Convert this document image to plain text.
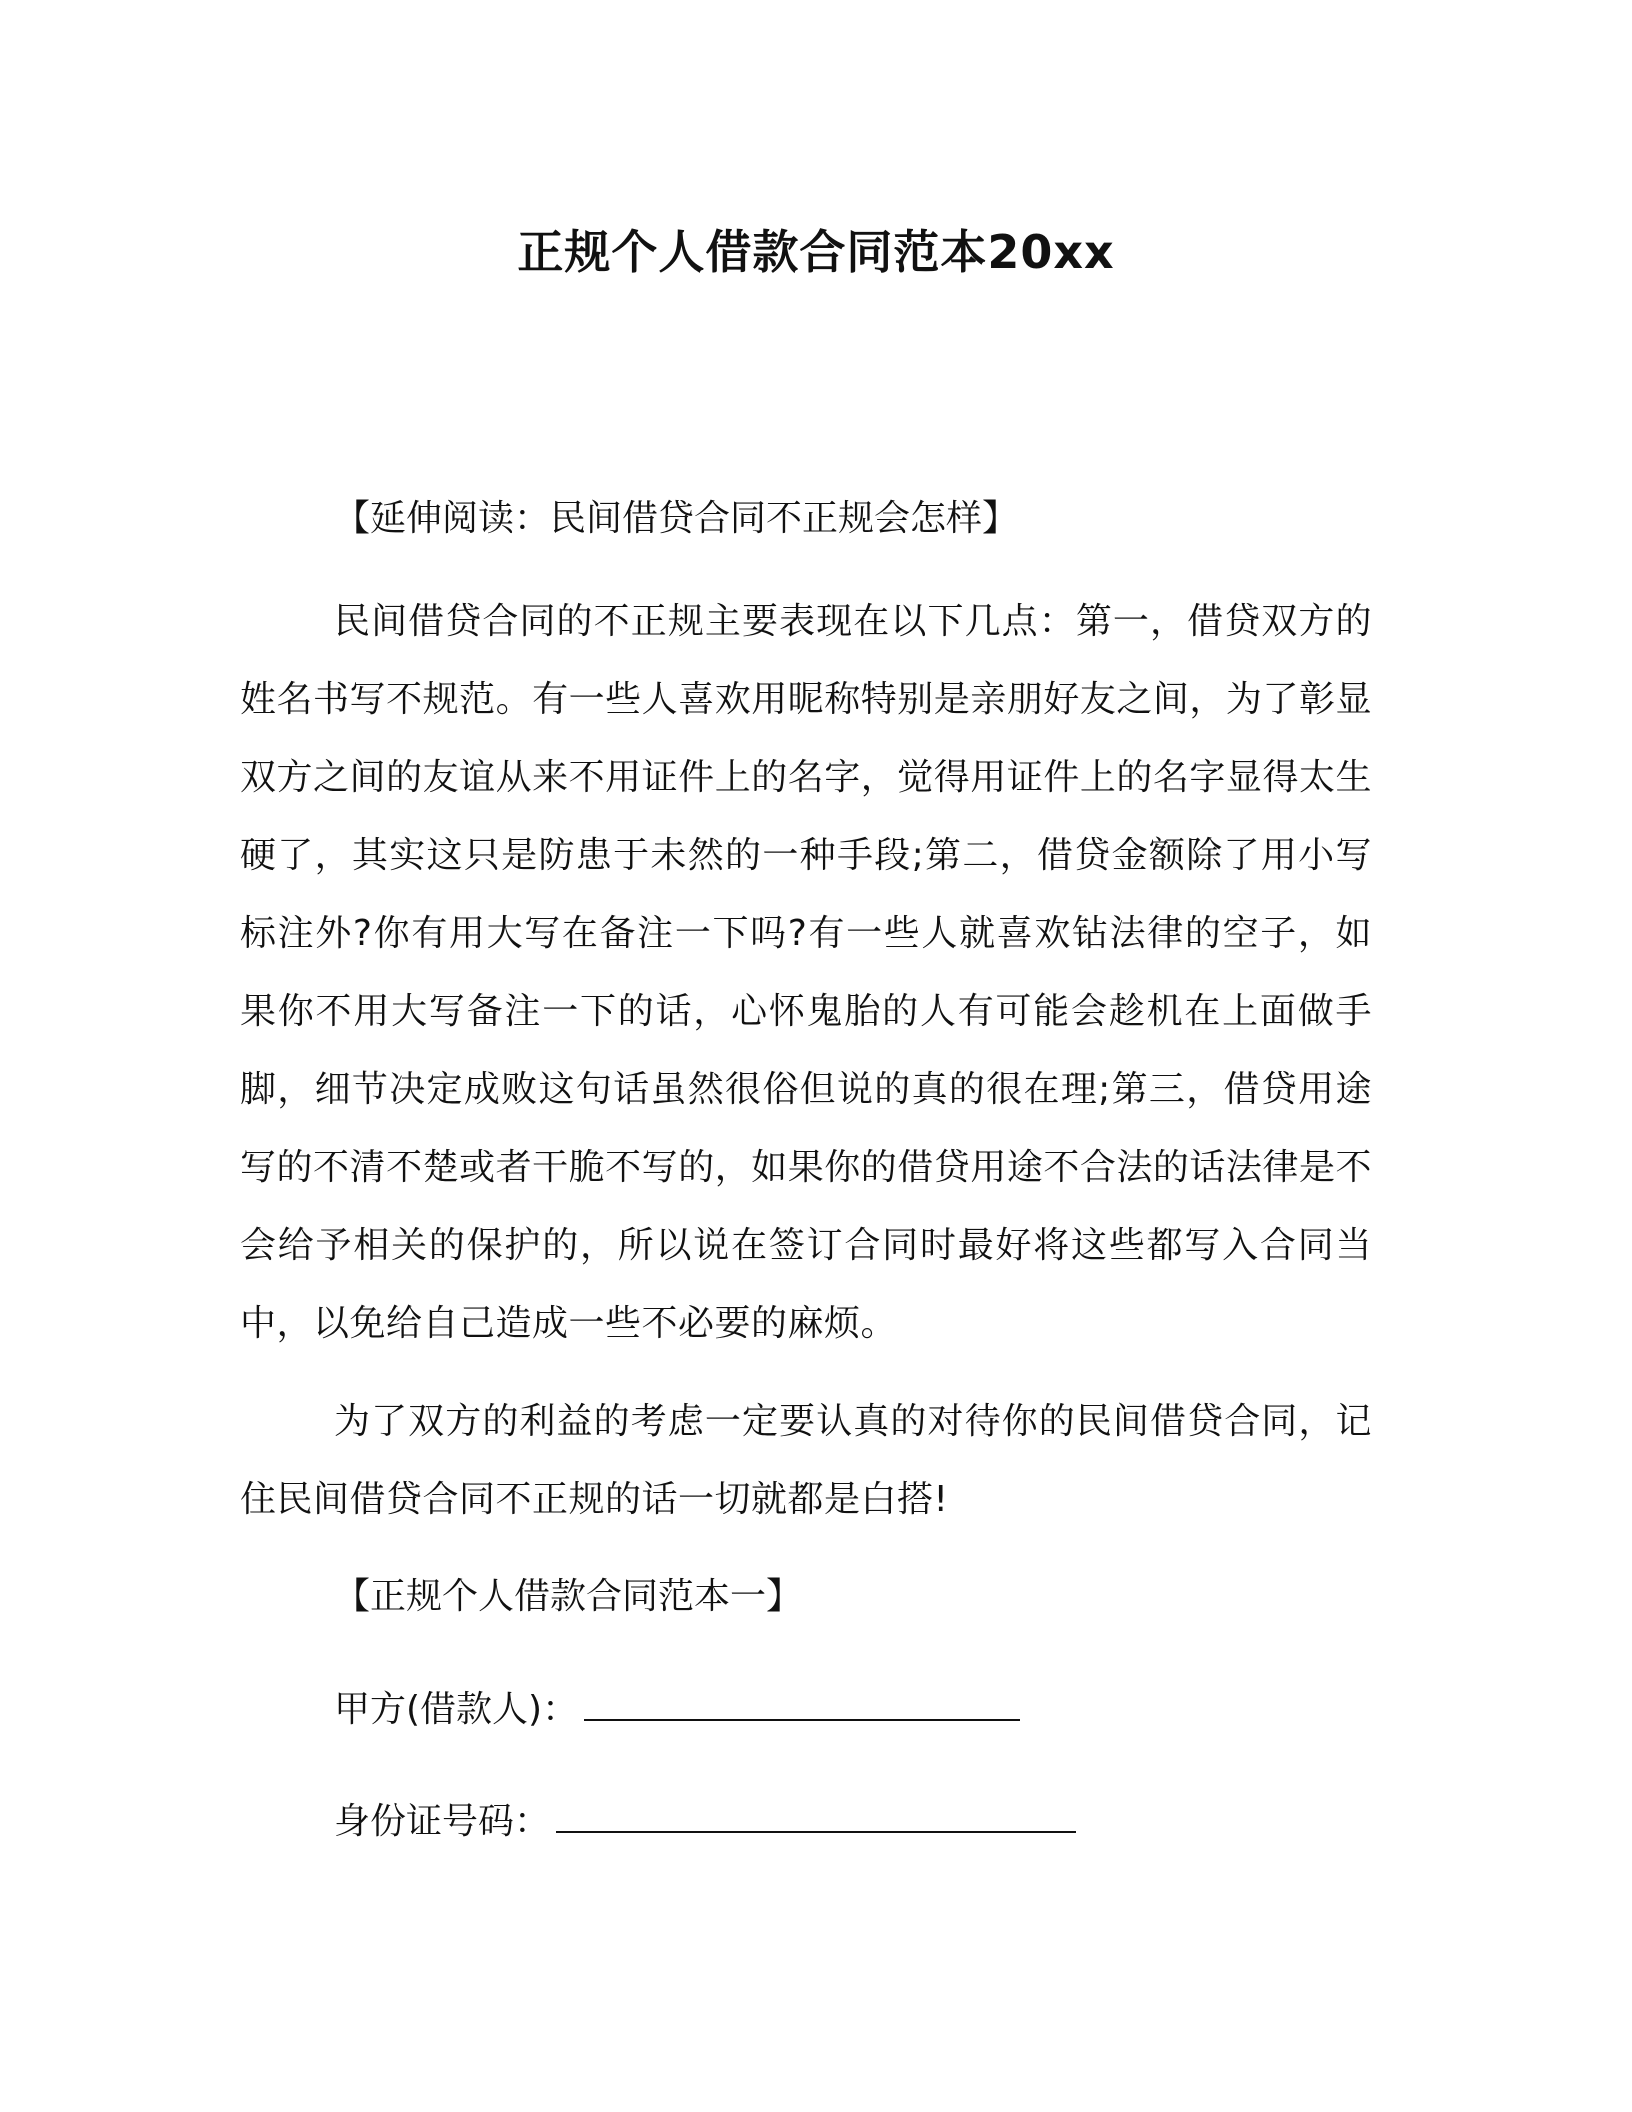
正规个人借款合同范本20xx
【延伸阅读：民间借贷合同不正规会怎样】
民间借贷合同的不正规主要表现在以下几点：第一，借贷双方的姓名书写不规范。有一些人喜欢用昵称特别是亲朋好友之间，为了彰显双方之间的友谊从来不用证件上的名字，觉得用证件上的名字显得太生硬了，其实这只是防患于未然的一种手段;第二，借贷金额除了用小写标注外?你有用大写在备注一下吗?有一些人就喜欢钻法律的空子，如果你不用大写备注一下的话，心怀鬼胎的人有可能会趁机在上面做手脚，细节决定成败这句话虽然很俗但说的真的很在理;第三，借贷用途写的不清不楚或者干脆不写的，如果你的借贷用途不合法的话法律是不会给予相关的保护的，所以说在签订合同时最好将这些都写入合同当中，以免给自己造成一些不必要的麻烦。
为了双方的利益的考虑一定要认真的对待你的民间借贷合同，记住民间借贷合同不正规的话一切就都是白搭!
【正规个人借款合同范本一】
甲方(借款人)：
身份证号码：
